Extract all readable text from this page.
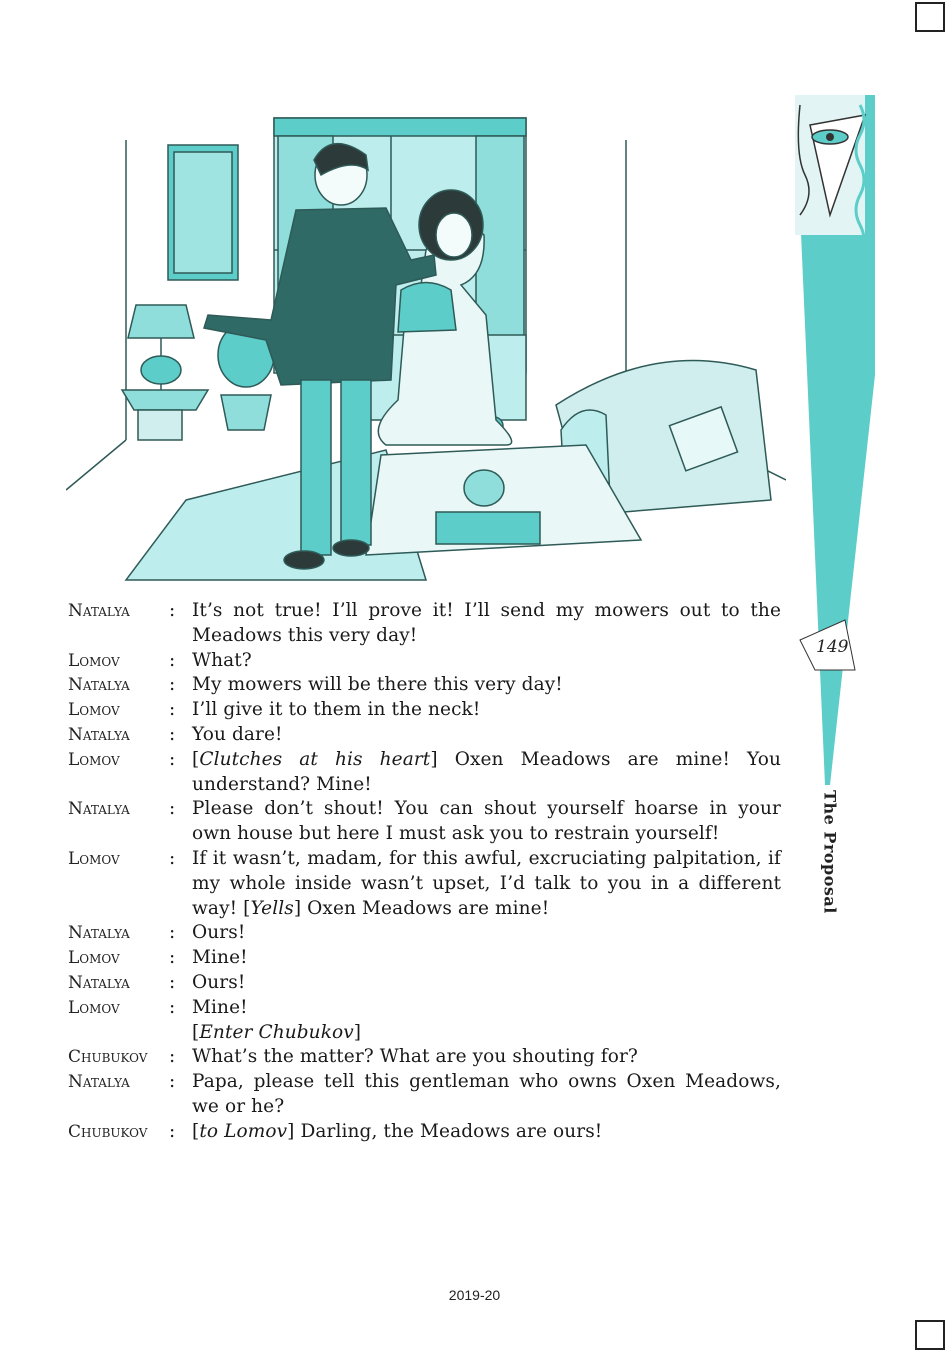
149
The Proposal
Natalya : It’s not true! I’ll prove it! I’ll send my mowers out to the Meadows this very day!
Lomov	: What?
Natalya : My mowers will be there this very day!
Lomov	: I’ll give it to them in the neck!
Natalya : You dare!
Lomov	: [Clutches at his heart] Oxen Meadows are mine! You understand? Mine!
Natalya : Please don’t shout! You can shout yourself hoarse in your own house but here I must ask you to restrain yourself!
Lomov	: If it wasn’t, madam, for this awful, excruciating palpitation, if my whole inside wasn’t upset, I’d talk to you in a different way! [Yells] Oxen Meadows are mine!
Natalya : Ours!
Lomov	: Mine!
Natalya : Ours!
Lomov	: Mine!
[Enter Chubukov]
Chubukov : What’s the matter? What are you shouting for?
Natalya : Papa, please tell this gentleman who owns Oxen Meadows, we or he?
Chubukov : [to Lomov] Darling, the Meadows are ours!
2019-20
